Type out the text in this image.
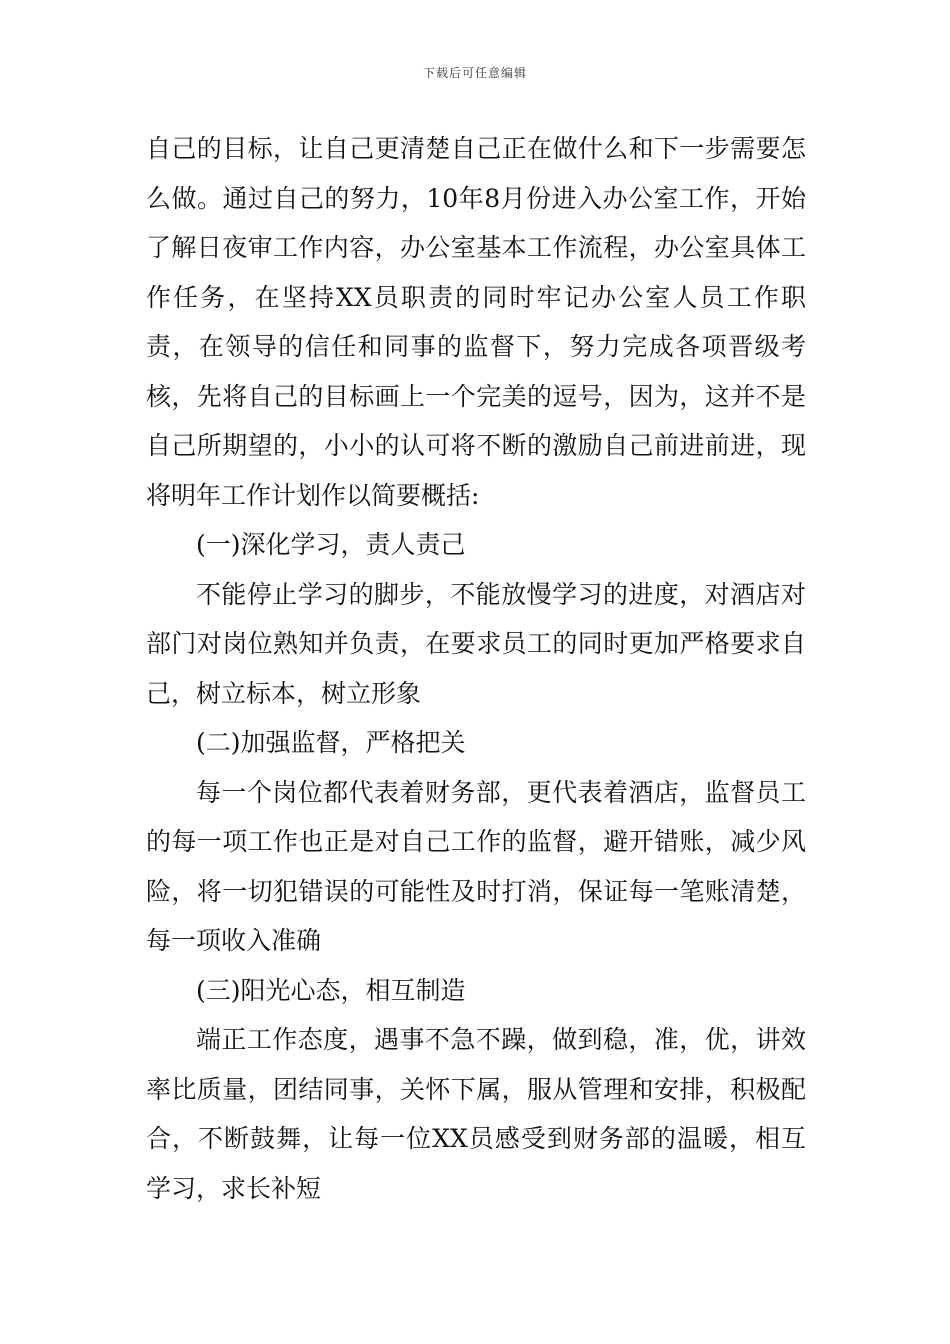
下载后可任意编辑

自己的目标，让自己更清楚自己正在做什么和下一步需要怎么做。通过自己的努力，10年8月份进入办公室工作，开始了解日夜审工作内容，办公室基本工作流程，办公室具体工作任务，在坚持XX员职责的同时牢记办公室人员工作职责，在领导的信任和同事的监督下，努力完成各项晋级考核，先将自己的目标画上一个完美的逗号，因为，这并不是自己所期望的，小小的认可将不断的激励自己前进前进，现将明年工作计划作以简要概括:

(一)深化学习，责人责己

不能停止学习的脚步，不能放慢学习的进度，对酒店对部门对岗位熟知并负责，在要求员工的同时更加严格要求自己，树立标本，树立形象

(二)加强监督，严格把关

每一个岗位都代表着财务部，更代表着酒店，监督员工的每一项工作也正是对自己工作的监督，避开错账，减少风险，将一切犯错误的可能性及时打消，保证每一笔账清楚，每一项收入准确

(三)阳光心态，相互制造

端正工作态度，遇事不急不躁，做到稳，准，优，讲效率比质量，团结同事，关怀下属，服从管理和安排，积极配合，不断鼓舞，让每一位XX员感受到财务部的温暖，相互学习，求长补短
